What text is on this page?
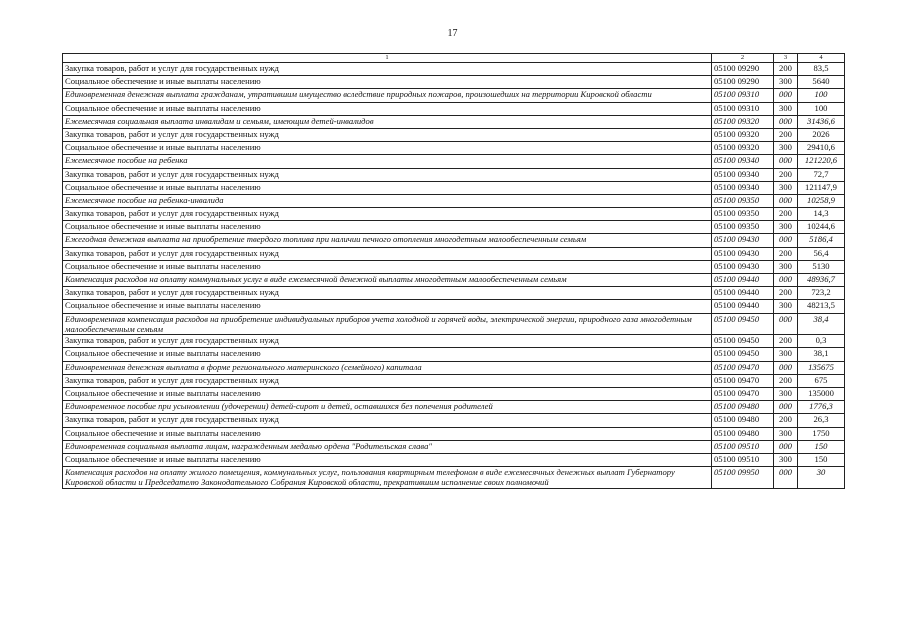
17
1	2	3	4
Закупка товаров, работ и услуг для государственных нужд	05100 09290	200	83,5
Социальное обеспечение и иные выплаты населению	05100 09290	300	5640
Единовременная денежная выплата гражданам, утратившим имущество вследствие природных пожаров, произошедших на территории Кировской области	05100 09310	000	100
Социальное обеспечение и иные выплаты населению	05100 09310	300	100
Ежемесячная социальная выплата инвалидам и семьям, имеющим детей-инвалидов	05100 09320	000	31436,6
Закупка товаров, работ и услуг для государственных нужд	05100 09320	200	2026
Социальное обеспечение и иные выплаты населению	05100 09320	300	29410,6
Ежемесячное пособие на ребенка	05100 09340	000	121220,6
Закупка товаров, работ и услуг для государственных нужд	05100 09340	200	72,7
Социальное обеспечение и иные выплаты населению	05100 09340	300	121147,9
Ежемесячное пособие на ребенка-инвалида	05100 09350	000	10258,9
Закупка товаров, работ и услуг для государственных нужд	05100 09350	200	14,3
Социальное обеспечение и иные выплаты населению	05100 09350	300	10244,6
Ежегодная денежная выплата на приобретение твердого топлива при наличии печного отопления многодетным малообеспеченным семьям	05100 09430	000	5186,4
Закупка товаров, работ и услуг для государственных нужд	05100 09430	200	56,4
Социальное обеспечение и иные выплаты населению	05100 09430	300	5130
Компенсация расходов на оплату коммунальных услуг в виде ежемесячной денежной выплаты многодетным малообеспеченным семьям	05100 09440	000	48936,7
Закупка товаров, работ и услуг для государственных нужд	05100 09440	200	723,2
Социальное обеспечение и иные выплаты населению	05100 09440	300	48213,5
Единовременная компенсация расходов на приобретение индивидуальных приборов учета холодной и горячей воды, электрической энергии, природного газа многодетным малообеспеченным семьям	05100 09450	000	38,4
Закупка товаров, работ и услуг для государственных нужд	05100 09450	200	0,3
Социальное обеспечение и иные выплаты населению	05100 09450	300	38,1
Единовременная денежная выплата в форме регионального материнского (семейного) капитала	05100 09470	000	135675
Закупка товаров, работ и услуг для государственных нужд	05100 09470	200	675
Социальное обеспечение и иные выплаты населению	05100 09470	300	135000
Единовременное пособие при усыновлении (удочерении) детей-сирот и детей, оставшихся без попечения родителей	05100 09480	000	1776,3
Закупка товаров, работ и услуг для государственных нужд	05100 09480	200	26,3
Социальное обеспечение и иные выплаты населению	05100 09480	300	1750
Единовременная социальная выплата лицам, награжденным медалью ордена "Родительская слава"	05100 09510	000	150
Социальное обеспечение и иные выплаты населению	05100 09510	300	150
Компенсация расходов на оплату жилого помещения, коммунальных услуг, пользования квартирным телефоном в виде ежемесячных денежных выплат Губернатору Кировской области и Председателю Законодательного Собрания Кировской области, прекратившим исполнение своих полномочий	05100 09950	000	30
